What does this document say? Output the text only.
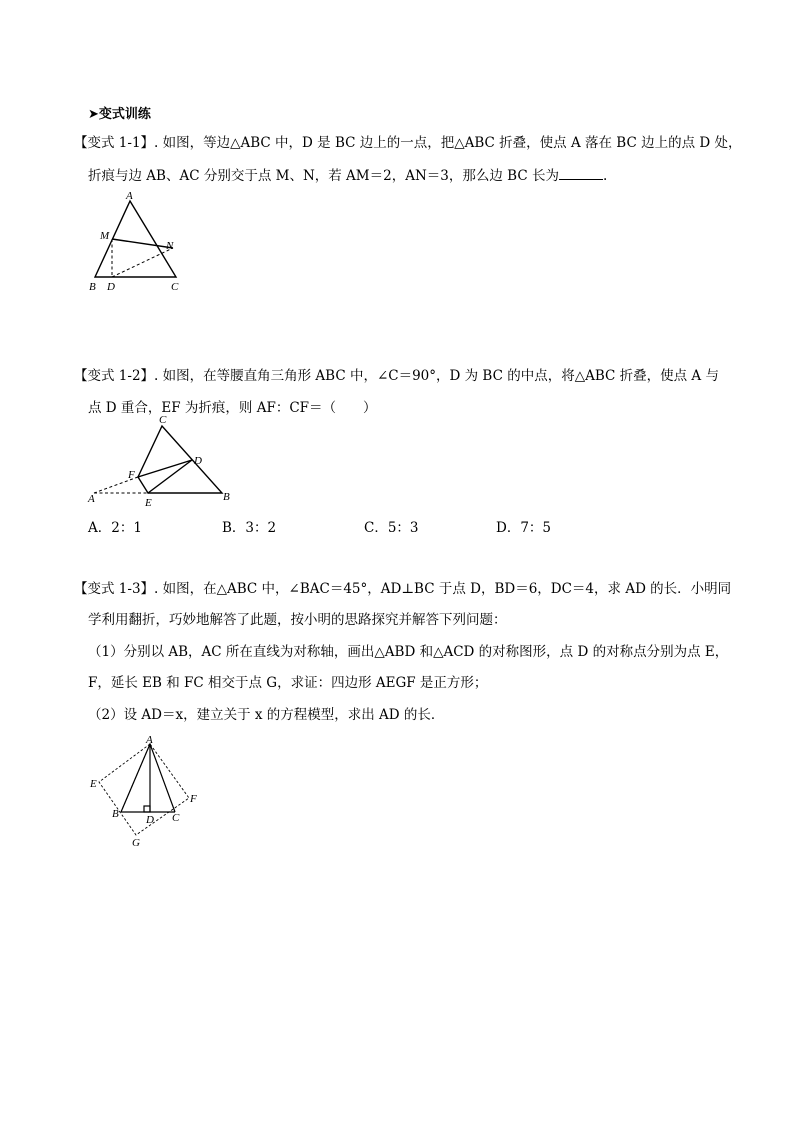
➤变式训练
【变式 1-1】. 如图，等边△ABC 中，D 是 BC 边上的一点，把△ABC 折叠，使点 A 落在 BC 边上的点 D 处，
折痕与边 AB、AC 分别交于点 M、N，若 AM＝2，AN＝3，那么边 BC 长为	.
A
M
N
B D	C
【变式 1-2】. 如图，在等腰直角三角形 ABC 中，∠C＝90°，D 为 BC 的中点，将△ABC 折叠，使点 A 与
点 D 重合，EF 为折痕，则 AF：CF＝（　　）
C
F
D
A	E	B
A．2：1	B．3：2	C．5：3	D．7：5
【变式 1-3】. 如图，在△ABC 中，∠BAC＝45°，AD⊥BC 于点 D，BD＝6，DC＝4，求 AD 的长．小明同
学利用翻折，巧妙地解答了此题，按小明的思路探究并解答下列问题：
（1）分别以 AB，AC 所在直线为对称轴，画出△ABD 和△ACD 的对称图形，点 D 的对称点分别为点 E，
F，延长 EB 和 FC 相交于点 G，求证：四边形 AEGF 是正方形；
（2）设 AD＝x，建立关于 x 的方程模型，求出 AD 的长．
A
E
F
B D C
G
